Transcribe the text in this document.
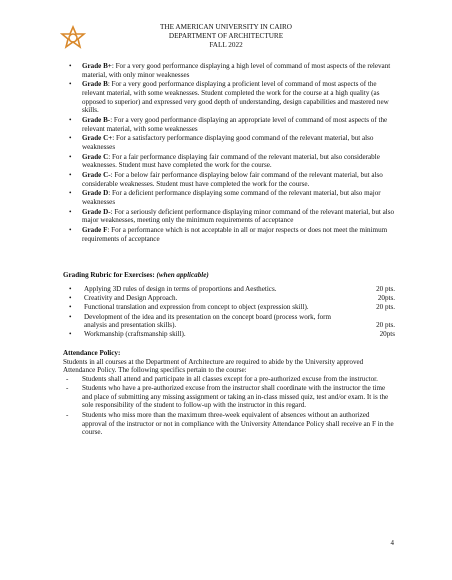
THE AMERICAN UNIVERSITY IN CAIRO
DEPARTMENT OF ARCHITECTURE
FALL 2022
• Grade B+: For a very good performance displaying a high level of command of most aspects of the relevant material, with only minor weaknesses
• Grade B: For a very good performance displaying a proficient level of command of most aspects of the relevant material, with some weaknesses. Student completed the work for the course at a high quality (as opposed to superior) and expressed very good depth of understanding, design capabilities and mastered new skills.
• Grade B-: For a very good performance displaying an appropriate level of command of most aspects of the relevant material, with some weaknesses
• Grade C+: For a satisfactory performance displaying good command of the relevant material, but also weaknesses
• Grade C: For a fair performance displaying fair command of the relevant material, but also considerable weaknesses. Student must have completed the work for the course.
• Grade C-: For a below fair performance displaying below fair command of the relevant material, but also considerable weaknesses. Student must have completed the work for the course.
• Grade D: For a deficient performance displaying some command of the relevant material, but also major weaknesses
• Grade D-: For a seriously deficient performance displaying minor command of the relevant material, but also major weaknesses, meeting only the minimum requirements of acceptance
• Grade F: For a performance which is not acceptable in all or major respects or does not meet the minimum requirements of acceptance
Grading Rubric for Exercises: (when applicable)
• Applying 3D rules of design in terms of proportions and Aesthetics.	20 pts.
• Creativity and Design Approach.	20pts.
• Functional translation and expression from concept to object (expression skill).	20 pts.
• Development of the idea and its presentation on the concept board (process work, form
analysis and presentation skills).	20 pts.
• Workmanship (craftsmanship skill).	20pts
Attendance Policy:

Students in all courses at the Department of Architecture are required to abide by the University approved Attendance Policy. The following specifics pertain to the course:

- Students shall attend and participate in all classes except for a pre-authorized excuse from the instructor.
- Students who have a pre-authorized excuse from the instructor shall coordinate with the instructor the time and place of submitting any missing assignment or taking an in-class missed quiz, test and/or exam. It is the sole responsibility of the student to follow-up with the instructor in this regard.
- Students who miss more than the maximum three-week equivalent of absences without an authorized approval of the instructor or not in compliance with the University Attendance Policy shall receive an F in the course.
4
